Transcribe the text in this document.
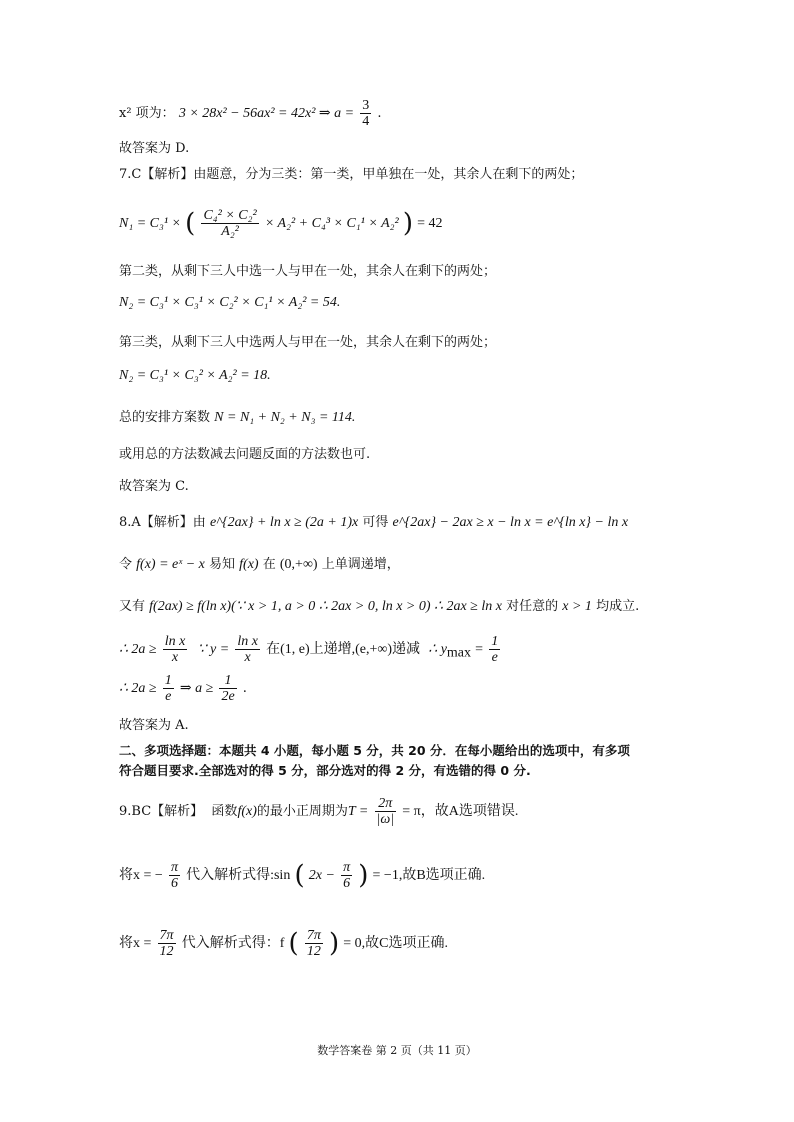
x² 项为： 3 × 28x² − 56ax² = 42x² ⇒ $a = \frac{3}{4}$ .
故答案为 D.
7.C【解析】由题意，分为三类：第一类，甲单独在一处，其余人在剩下的两处；
N₁ = C₃¹ × ( $\frac{\text{C₄² × C₂²}}{\text{A₂²}} \times A_2^2 + C_4^3 \times C_1^1 \times A_2^2$ ) = 42
第二类，从剩下三人中选一人与甲在一处，其余人在剩下的两处；
N₂ = C₃¹ × C₃¹ × C₂² × C₁¹ × A₂² = 54.
第三类，从剩下三人中选两人与甲在一处，其余人在剩下的两处；
N₂ = C₃¹ × C₃² × A₂² = 18.
总的安排方案数 N = N₁ + N₂ + N₃ = 114.
或用总的方法数减去问题反面的方法数也可.
故答案为 C.
8.A【解析】由 e^{2ax} + ln x ≥ (2a + 1)x 可得 e^{2ax} − 2ax ≥ x − ln x = e^{ln x} − ln x
令 f(x) = eˣ − x 易知 f(x) 在 (0,+∞) 上单调递增，
又有 f(2ax) ≥ f(ln x)(∵ x > 1, a > 0 ∴ 2ax > 0, ln x > 0) ∴ 2ax ≥ ln x 对任意的 x > 1 均成立.
∴ $2a \ge \frac{\text{ln x}}{x}$ ∵ $y = \frac{\text{ln x}}{x}$ 在(1, e)上递增,(e,+∞)递减 ∴ $y_{max} = \frac{1}{e}$
∴ $2a \ge \frac{1}{e}$ ⇒ $a \ge \frac{1}{2e}$ .
故答案为 A.
二、多项选择题：本题共 4 小题，每小题 5 分，共 20 分．在每小题给出的选项中，有多项
符合题目要求.全部选对的得 5 分，部分选对的得 2 分，有选错的得 0 分.
9.BC【解析】 函数f(x)的最小正周期为$T = \frac{2\pi}{|\omega|} = \pi$，故A选项错误.
将x = − $\frac{\pi}{6}$ 代入解析式得:sin ( $2x - \frac{\pi}{6}$ ) = −1,故B选项正确.
将$x = \frac{7\pi}{12}$ 代入解析式得：f ( $\frac{7\pi}{12}$ ) = 0,故C选项正确.
数学答案卷 第 2 页（共 11 页）
